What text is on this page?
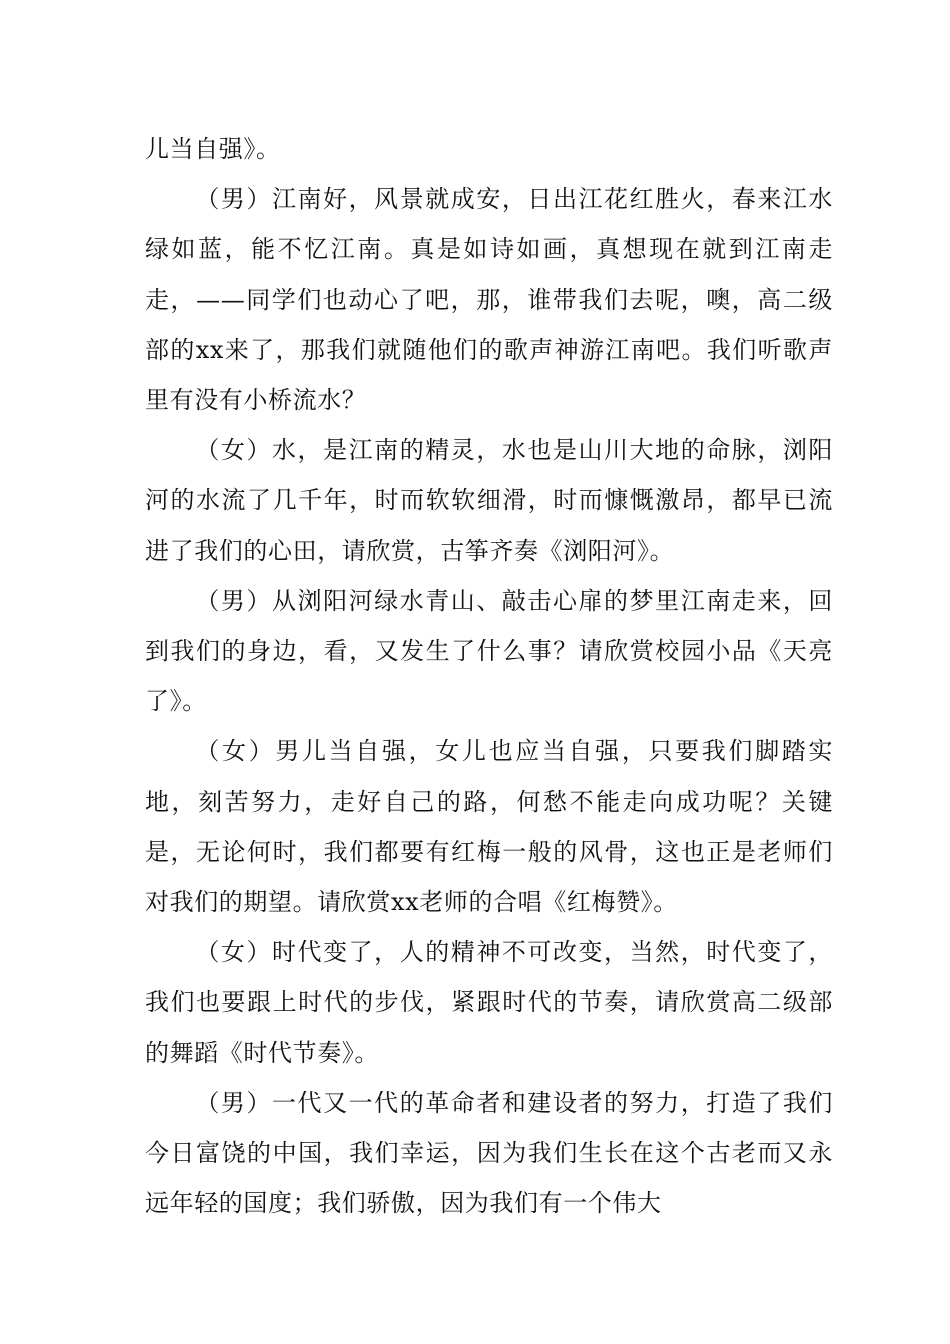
儿当自强》。

（男）江南好，风景就成安，日出江花红胜火，春来江水绿如蓝，能不忆江南。真是如诗如画，真想现在就到江南走走，——同学们也动心了吧，那，谁带我们去呢，噢，高二级部的xx来了，那我们就随他们的歌声神游江南吧。我们听歌声里有没有小桥流水？

（女）水，是江南的精灵，水也是山川大地的命脉，浏阳河的水流了几千年，时而软软细滑，时而慷慨激昂，都早已流进了我们的心田，请欣赏，古筝齐奏《浏阳河》。

（男）从浏阳河绿水青山、敲击心扉的梦里江南走来，回到我们的身边，看，又发生了什么事？请欣赏校园小品《天亮了》。

（女）男儿当自强，女儿也应当自强，只要我们脚踏实地，刻苦努力，走好自己的路，何愁不能走向成功呢？关键是，无论何时，我们都要有红梅一般的风骨，这也正是老师们对我们的期望。请欣赏xx老师的合唱《红梅赞》。

（女）时代变了，人的精神不可改变，当然，时代变了，我们也要跟上时代的步伐，紧跟时代的节奏，请欣赏高二级部的舞蹈《时代节奏》。

（男）一代又一代的革命者和建设者的努力，打造了我们今日富饶的中国，我们幸运，因为我们生长在这个古老而又永远年轻的国度；我们骄傲，因为我们有一个伟大
